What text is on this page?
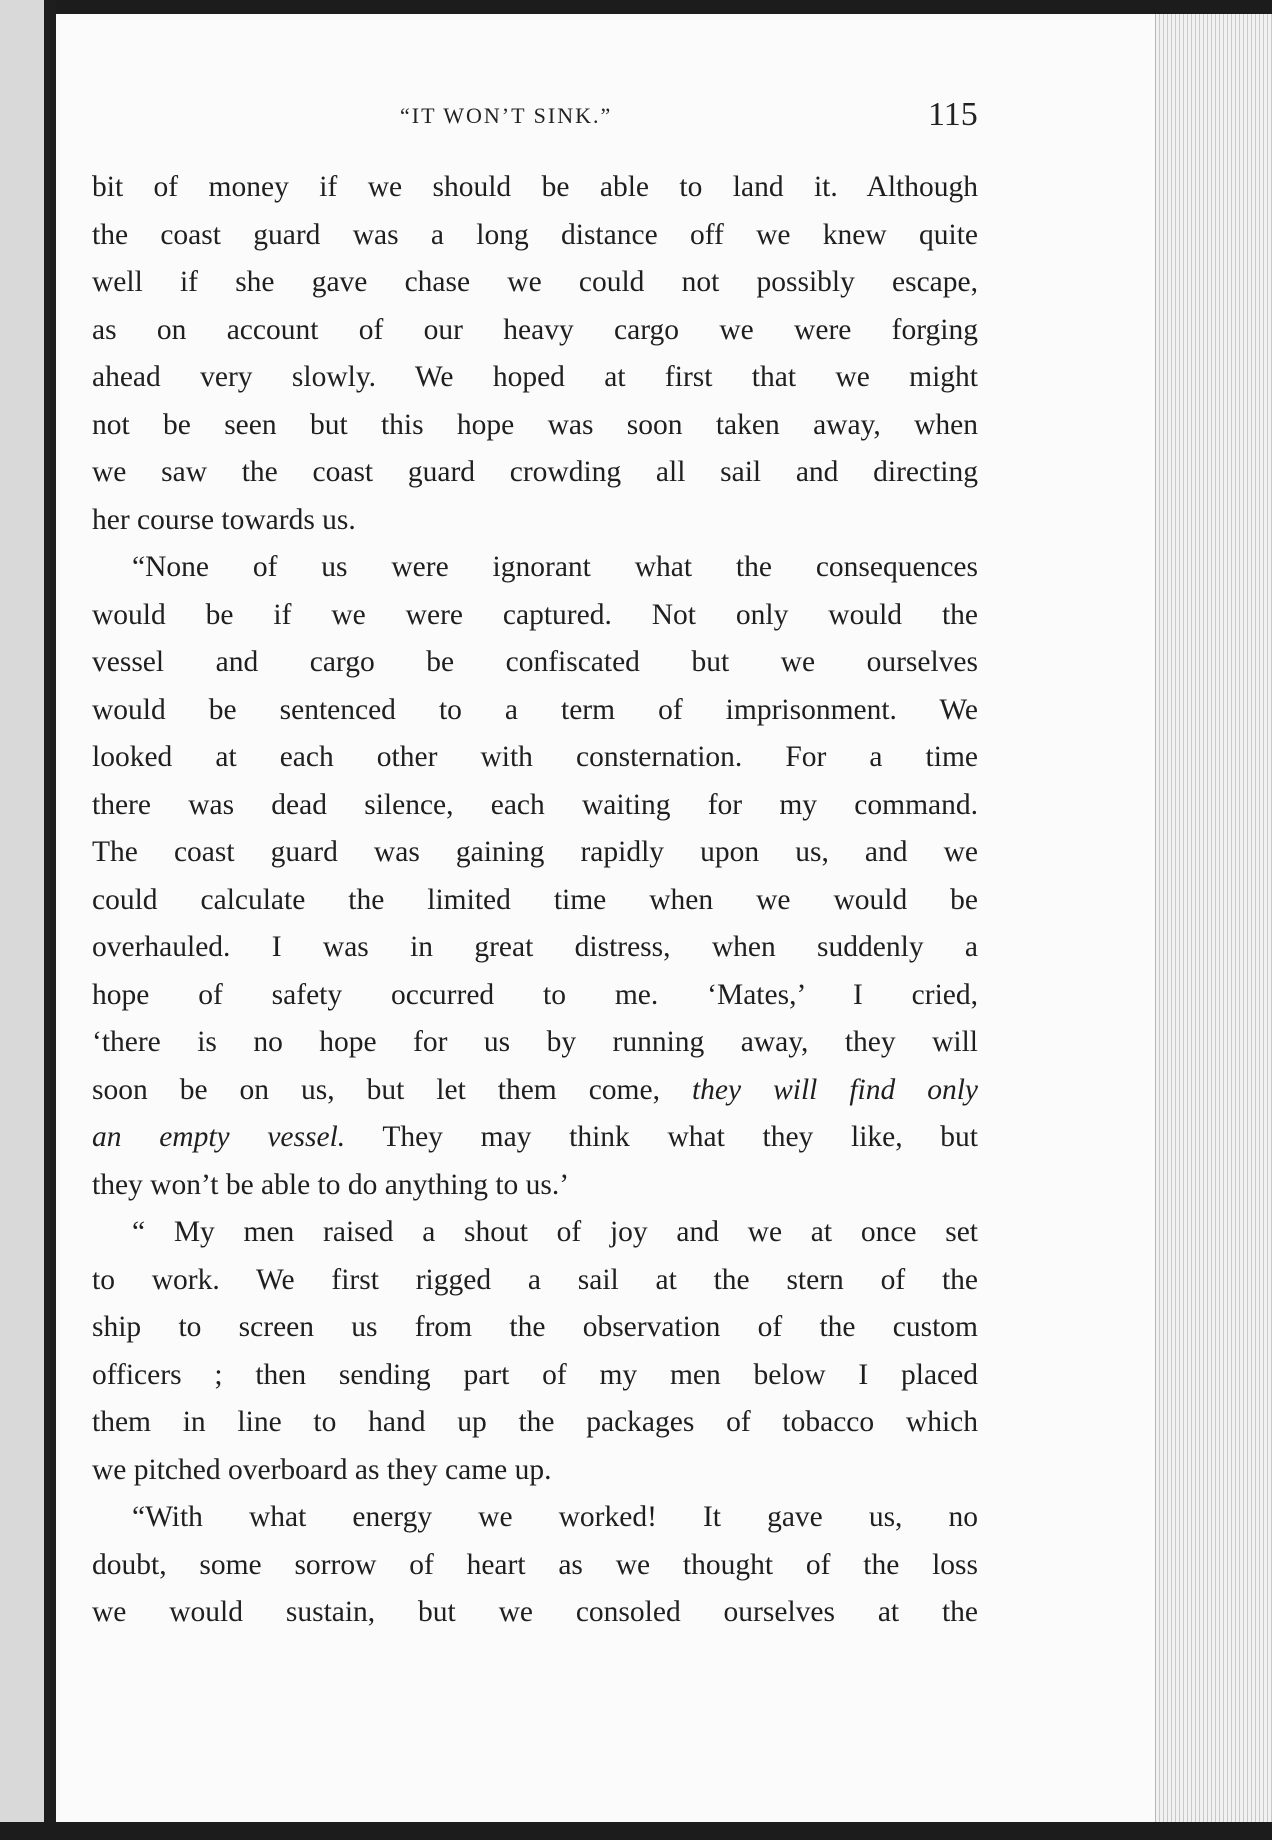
“IT WON’T SINK.”	115
bit of money if we should be able to land it. Although
the coast guard was a long distance off we knew quite
well if she gave chase we could not possibly escape,
as on account of our heavy cargo we were forging
ahead very slowly. We hoped at first that we might
not be seen but this hope was soon taken away, when
we saw the coast guard crowding all sail and directing
her course towards us.
“None of us were ignorant what the consequences
would be if we were captured. Not only would the
vessel and cargo be confiscated but we ourselves
would be sentenced to a term of imprisonment. We
looked at each other with consternation. For a time
there was dead silence, each waiting for my command.
The coast guard was gaining rapidly upon us, and we
could calculate the limited time when we would be
overhauled. I was in great distress, when suddenly a
hope of safety occurred to me. ‘Mates,’ I cried,
‘there is no hope for us by running away, they will
soon be on us, but let them come, they will find only
an empty vessel. They may think what they like, but
they won’t be able to do anything to us.’
“ My men raised a shout of joy and we at once set
to work. We first rigged a sail at the stern of the
ship to screen us from the observation of the custom
officers ; then sending part of my men below I placed
them in line to hand up the packages of tobacco which
we pitched overboard as they came up.
“With what energy we worked! It gave us, no
doubt, some sorrow of heart as we thought of the loss
we would sustain, but we consoled ourselves at the
